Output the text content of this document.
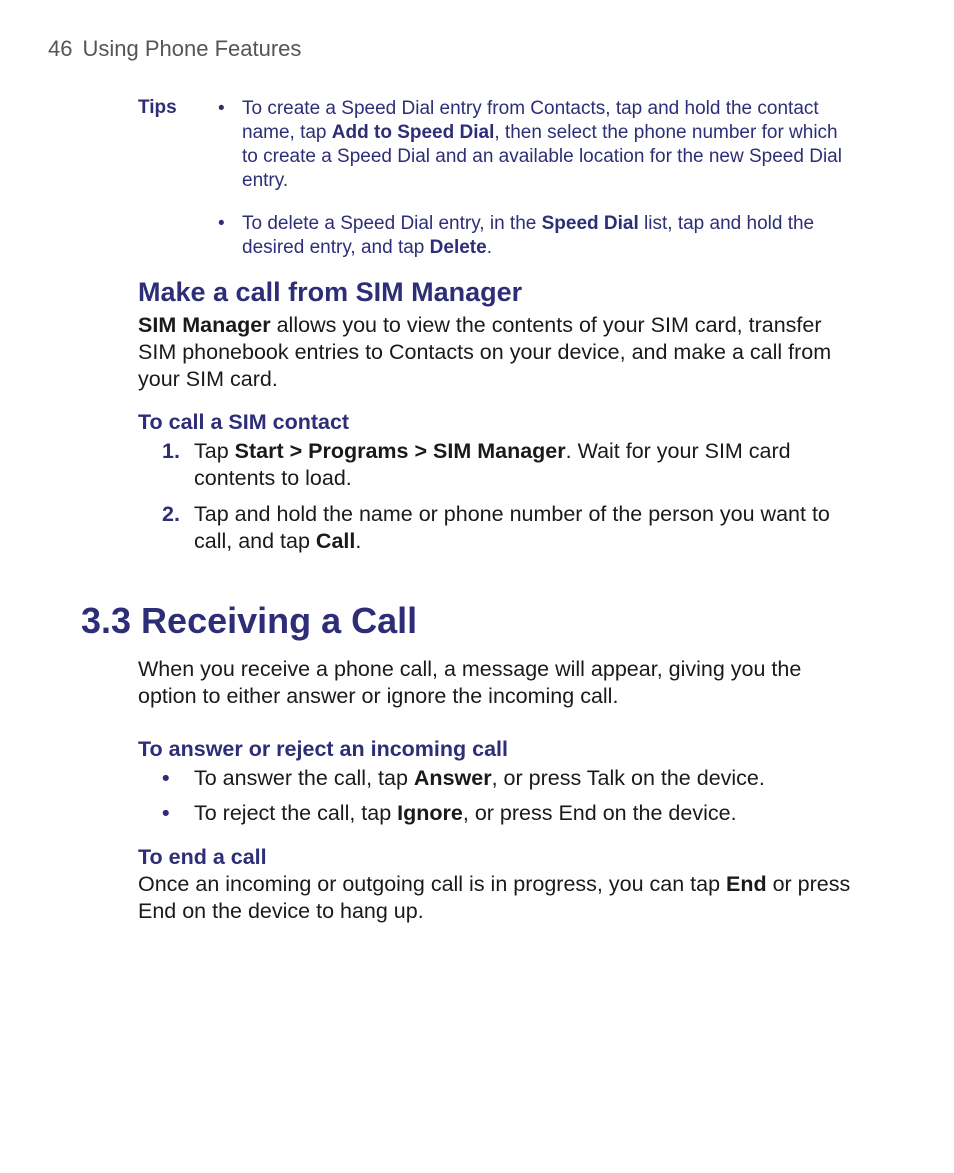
46 Using Phone Features
Tips • To create a Speed Dial entry from Contacts, tap and hold the contact name, tap Add to Speed Dial, then select the phone number for which to create a Speed Dial and an available location for the new Speed Dial entry.
• To delete a Speed Dial entry, in the Speed Dial list, tap and hold the desired entry, and tap Delete.
Make a call from SIM Manager
SIM Manager allows you to view the contents of your SIM card, transfer SIM phonebook entries to Contacts on your device, and make a call from your SIM card.
To call a SIM contact
1. Tap Start > Programs > SIM Manager. Wait for your SIM card contents to load.
2. Tap and hold the name or phone number of the person you want to call, and tap Call.
3.3 Receiving a Call
When you receive a phone call, a message will appear, giving you the option to either answer or ignore the incoming call.
To answer or reject an incoming call
• To answer the call, tap Answer, or press Talk on the device.
• To reject the call, tap Ignore, or press End on the device.
To end a call
Once an incoming or outgoing call is in progress, you can tap End or press End on the device to hang up.
